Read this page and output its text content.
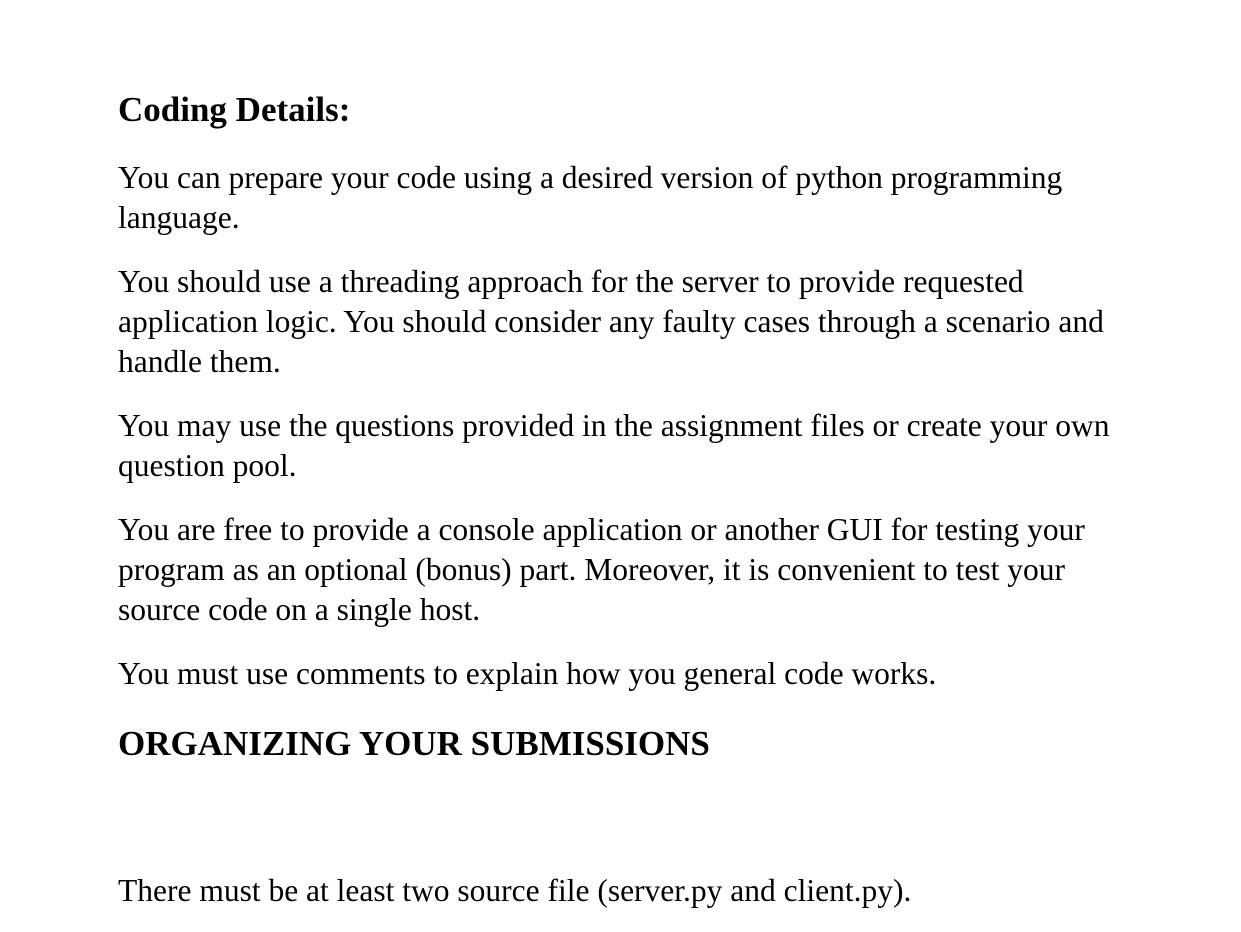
Coding Details:

You can prepare your code using a desired version of python programming language.

You should use a threading approach for the server to provide requested application logic. You should consider any faulty cases through a scenario and handle them.

You may use the questions provided in the assignment files or create your own question pool.

You are free to provide a console application or another GUI for testing your program as an optional (bonus) part. Moreover, it is convenient to test your source code on a single host.

You must use comments to explain how you general code works.

ORGANIZING YOUR SUBMISSIONS

There must be at least two source file (server.py and client.py).
